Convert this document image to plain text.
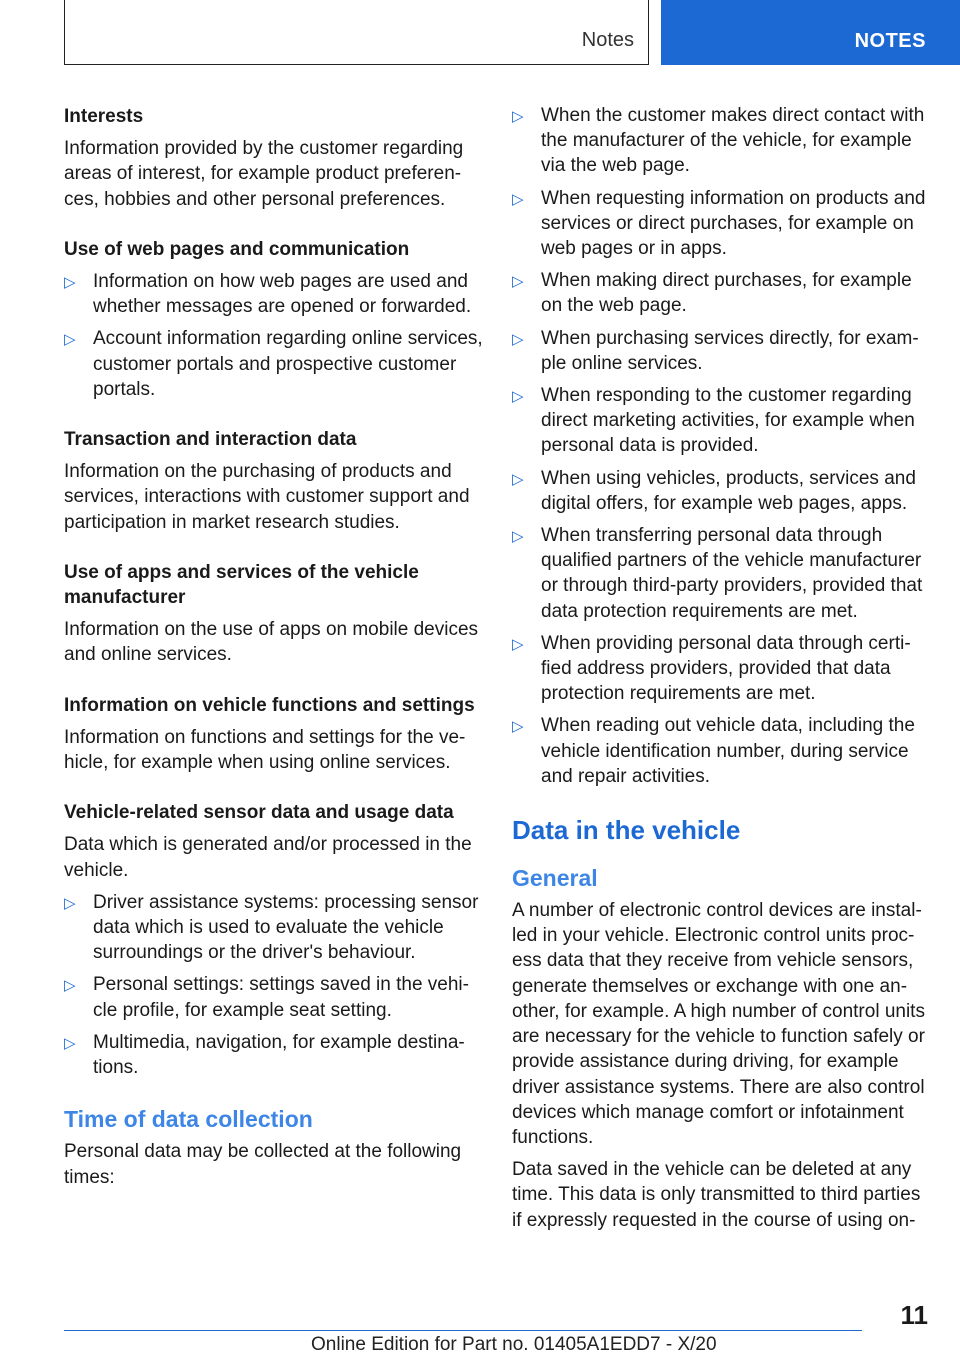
Notes	NOTES
Interests
Information provided by the customer regarding areas of interest, for example product preferences, hobbies and other personal preferences.
Use of web pages and communication
▷ Information on how web pages are used and whether messages are opened or forwarded.
▷ Account information regarding online services, customer portals and prospective customer portals.
Transaction and interaction data
Information on the purchasing of products and services, interactions with customer support and participation in market research studies.
Use of apps and services of the vehicle manufacturer
Information on the use of apps on mobile devices and online services.
Information on vehicle functions and settings
Information on functions and settings for the vehicle, for example when using online services.
Vehicle-related sensor data and usage data
Data which is generated and/or processed in the vehicle.
▷ Driver assistance systems: processing sensor data which is used to evaluate the vehicle surroundings or the driver's behaviour.
▷ Personal settings: settings saved in the vehicle profile, for example seat setting.
▷ Multimedia, navigation, for example destinations.
Time of data collection
Personal data may be collected at the following times:
▷ When the customer makes direct contact with the manufacturer of the vehicle, for example via the web page.
▷ When requesting information on products and services or direct purchases, for example on web pages or in apps.
▷ When making direct purchases, for example on the web page.
▷ When purchasing services directly, for example online services.
▷ When responding to the customer regarding direct marketing activities, for example when personal data is provided.
▷ When using vehicles, products, services and digital offers, for example web pages, apps.
▷ When transferring personal data through qualified partners of the vehicle manufacturer or through third-party providers, provided that data protection requirements are met.
▷ When providing personal data through certified address providers, provided that data protection requirements are met.
▷ When reading out vehicle data, including the vehicle identification number, during service and repair activities.
Data in the vehicle
General
A number of electronic control devices are installed in your vehicle. Electronic control units process data that they receive from vehicle sensors, generate themselves or exchange with one another, for example. A high number of control units are necessary for the vehicle to function safely or provide assistance during driving, for example driver assistance systems. There are also control devices which manage comfort or infotainment functions.
Data saved in the vehicle can be deleted at any time. This data is only transmitted to third parties if expressly requested in the course of using on-
11
Online Edition for Part no. 01405A1EDD7 - X/20
